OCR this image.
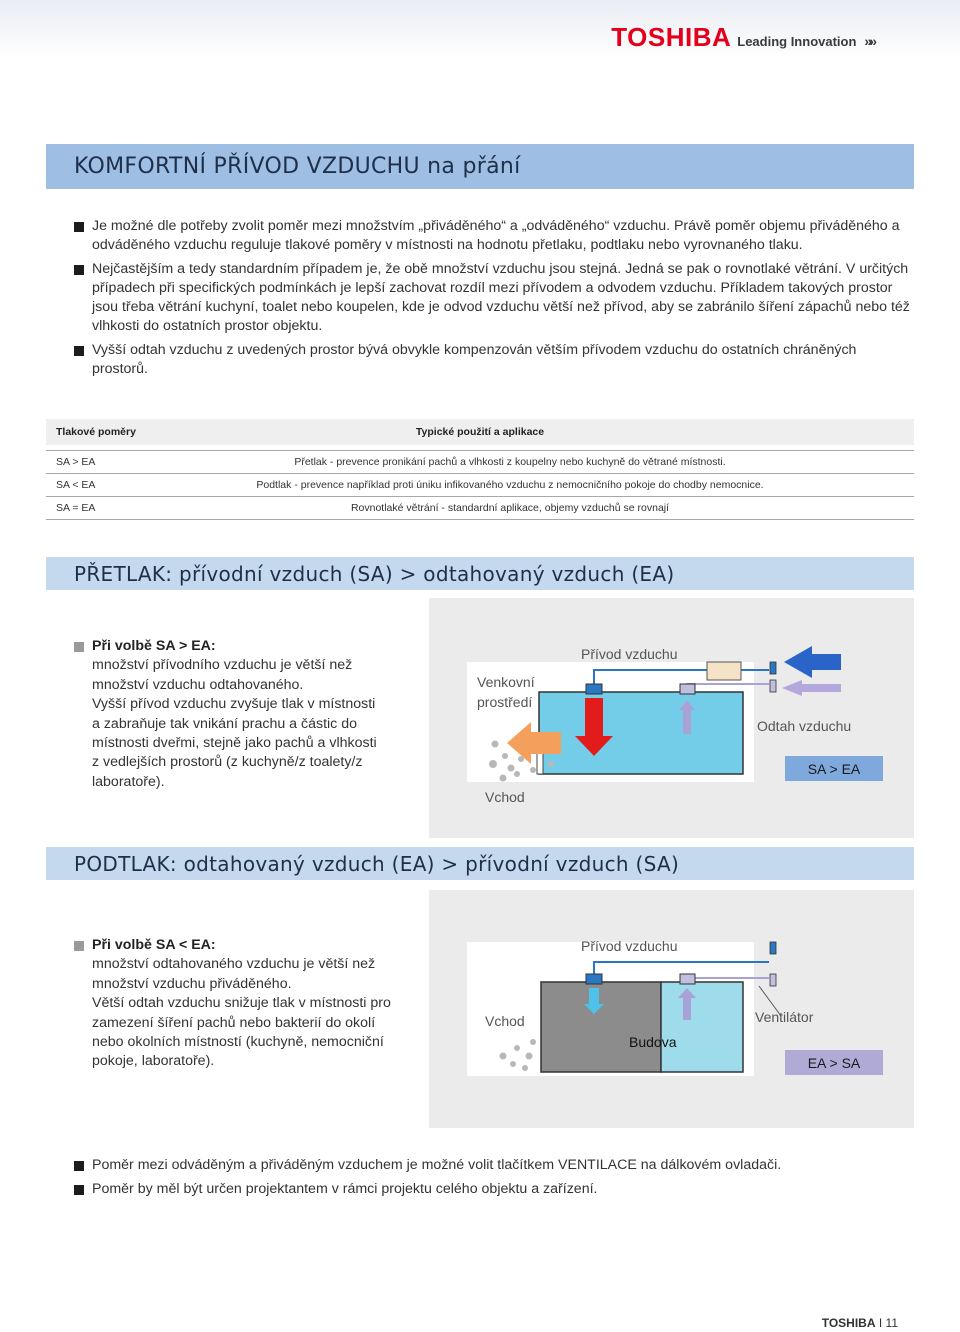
TOSHIBA Leading Innovation »»
KOMFORTNÍ PŘÍVOD VZDUCHU na přání
Je možné dle potřeby zvolit poměr mezi množstvím „přiváděného“ a „odváděného“ vzduchu. Právě poměr objemu přiváděného a odváděného vzduchu reguluje tlakové poměry v místnosti na hodnotu přetlaku, podtlaku nebo vyrovnaného tlaku.
Nejčastějším a tedy standardním případem je, že obě množství vzduchu jsou stejná. Jedná se pak o rovnotlaké větrání. V určitých případech při specifických podmínkách je lepší zachovat rozdíl mezi přívodem a odvodem vzduchu. Příkladem takových prostor jsou třeba větrání kuchyní, toalet nebo koupelen, kde je odvod vzduchu větší než přívod, aby se zabránilo šíření zápachů nebo též vlhkosti do ostatních prostor objektu.
Vyšší odtah vzduchu z uvedených prostor bývá obvykle kompenzován větším přívodem vzduchu do ostatních chráněných prostorů.
Tlakové poměry	Typické použití a aplikace
SA > EA	Přetlak - prevence pronikání pachů a vlhkosti z koupelny nebo kuchyně do větrané místnosti.
SA < EA	Podtlak - prevence například proti úniku infikovaného vzduchu z nemocničního pokoje do chodby nemocnice.
SA = EA	Rovnotlaké větrání - standardní aplikace, objemy vzduchů se rovnají
PŘETLAK: přívodní vzduch (SA) > odtahovaný vzduch (EA)
Při volbě SA > EA:
množství přívodního vzduchu je větší než
množství vzduchu odtahovaného.
Vyšší přívod vzduchu zvyšuje tlak v místnosti
a zabraňuje tak vnikání prachu a částic do
místnosti dveřmi, stejně jako pachů a vlhkosti
z vedlejších prostorů (z kuchyně/z toalety/z
laboratoře).
Přívod vzduchu
Venkovní
prostředí
Odtah vzduchu
Vchod
SA > EA
PODTLAK: odtahovaný vzduch (EA) > přívodní vzduch (SA)
Při volbě SA < EA:
množství odtahovaného vzduchu je větší než
množství vzduchu přiváděného.
Větší odtah vzduchu snižuje tlak v místnosti pro
zamezení šíření pachů nebo bakterií do okolí
nebo okolních místností (kuchyně, nemocniční
pokoje, laboratoře).
Přívod vzduchu
Vchod
Budova
Ventilátor
EA > SA
Poměr mezi odváděným a přiváděným vzduchem je možné volit tlačítkem VENTILACE na dálkovém ovladači.
Poměr by měl být určen projektantem v rámci projektu celého objektu a zařízení.
TOSHIBA I 11
